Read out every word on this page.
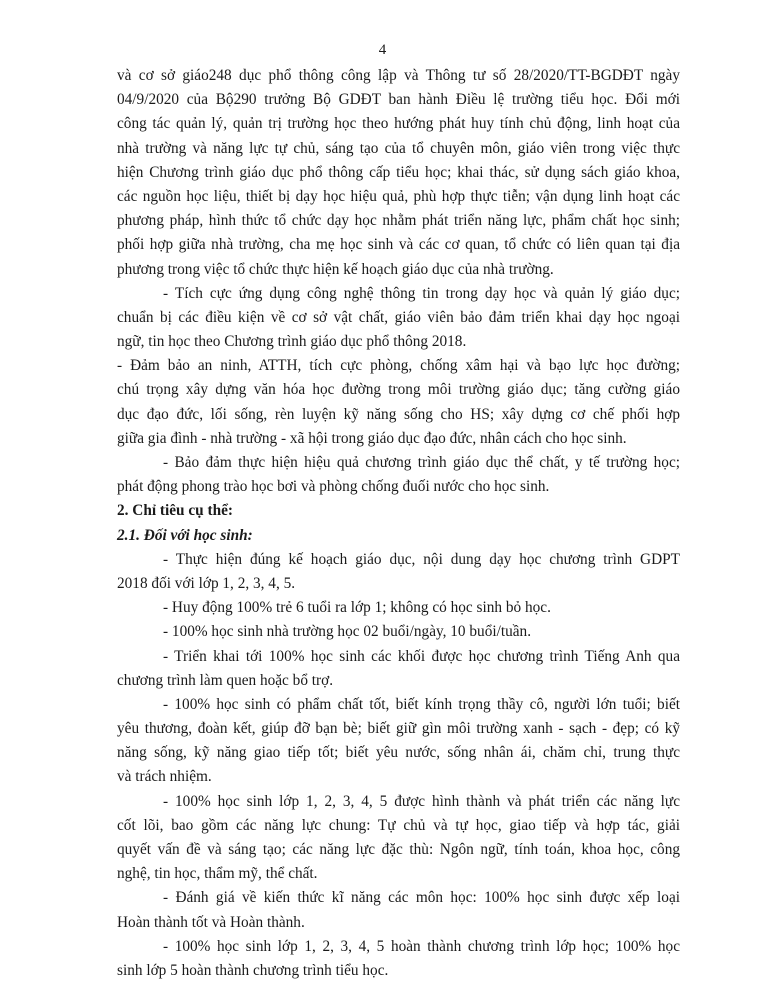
4
và cơ sở giáo248 dục phổ thông công lập và Thông tư số 28/2020/TT-BGDĐT ngày
04/9/2020 của Bộ290 trưởng Bộ GDĐT ban hành Điều lệ trường tiểu học. Đổi mới
công tác quản lý, quản trị trường học theo hướng phát huy tính chủ động, linh hoạt của
nhà trường và năng lực tự chủ, sáng tạo của tổ chuyên môn, giáo viên trong việc thực
hiện Chương trình giáo dục phổ thông cấp tiểu học; khai thác, sử dụng sách giáo khoa,
các nguồn học liệu, thiết bị dạy học hiệu quả, phù hợp thực tiễn; vận dụng linh hoạt các
phương pháp, hình thức tổ chức dạy học nhằm phát triển năng lực, phẩm chất học sinh;
phối hợp giữa nhà trường, cha mẹ học sinh và các cơ quan, tổ chức có liên quan tại địa
phương trong việc tổ chức thực hiện kế hoạch giáo dục của nhà trường.
- Tích cực ứng dụng công nghệ thông tin trong dạy học và quản lý giáo dục;
chuẩn bị các điều kiện về cơ sở vật chất, giáo viên bảo đảm triển khai dạy học ngoại
ngữ, tin học theo Chương trình giáo dục phổ thông 2018.
- Đảm bảo an ninh, ATTH, tích cực phòng, chống xâm hại và bạo lực học đường;
chú trọng xây dựng văn hóa học đường trong môi trường giáo dục; tăng cường giáo
dục đạo đức, lối sống, rèn luyện kỹ năng sống cho HS; xây dựng cơ chế phối hợp
giữa gia đình - nhà trường - xã hội trong giáo dục đạo đức, nhân cách cho học sinh.
- Bảo đảm thực hiện hiệu quả chương trình giáo dục thể chất, y tế trường học;
phát động phong trào học bơi và phòng chống đuối nước cho học sinh.
2. Chỉ tiêu cụ thể:
2.1. Đối với học sinh:
- Thực hiện đúng kế hoạch giáo dục, nội dung dạy học chương trình GDPT
2018 đối với lớp 1, 2, 3, 4, 5.
- Huy động 100% trẻ 6 tuổi ra lớp 1; không có học sinh bỏ học.
- 100% học sinh nhà trường học 02 buổi/ngày, 10 buổi/tuần.
- Triển khai tới 100% học sinh các khối được học chương trình Tiếng Anh qua
chương trình làm quen hoặc bổ trợ.
- 100% học sinh có phẩm chất tốt, biết kính trọng thầy cô, người lớn tuổi; biết
yêu thương, đoàn kết, giúp đỡ bạn bè; biết giữ gìn môi trường xanh - sạch - đẹp; có kỹ
năng sống, kỹ năng giao tiếp tốt; biết yêu nước, sống nhân ái, chăm chỉ, trung thực
và trách nhiệm.
- 100% học sinh lớp 1, 2, 3, 4, 5 được hình thành và phát triển các năng lực
cốt lõi, bao gồm các năng lực chung: Tự chủ và tự học, giao tiếp và hợp tác, giải
quyết vấn đề và sáng tạo; các năng lực đặc thù: Ngôn ngữ, tính toán, khoa học, công
nghệ, tin học, thẩm mỹ, thể chất.
- Đánh giá về kiến thức kĩ năng các môn học: 100% học sinh được xếp loại
Hoàn thành tốt và Hoàn thành.
- 100% học sinh lớp 1, 2, 3, 4, 5 hoàn thành chương trình lớp học; 100% học
sinh lớp 5 hoàn thành chương trình tiểu học.
